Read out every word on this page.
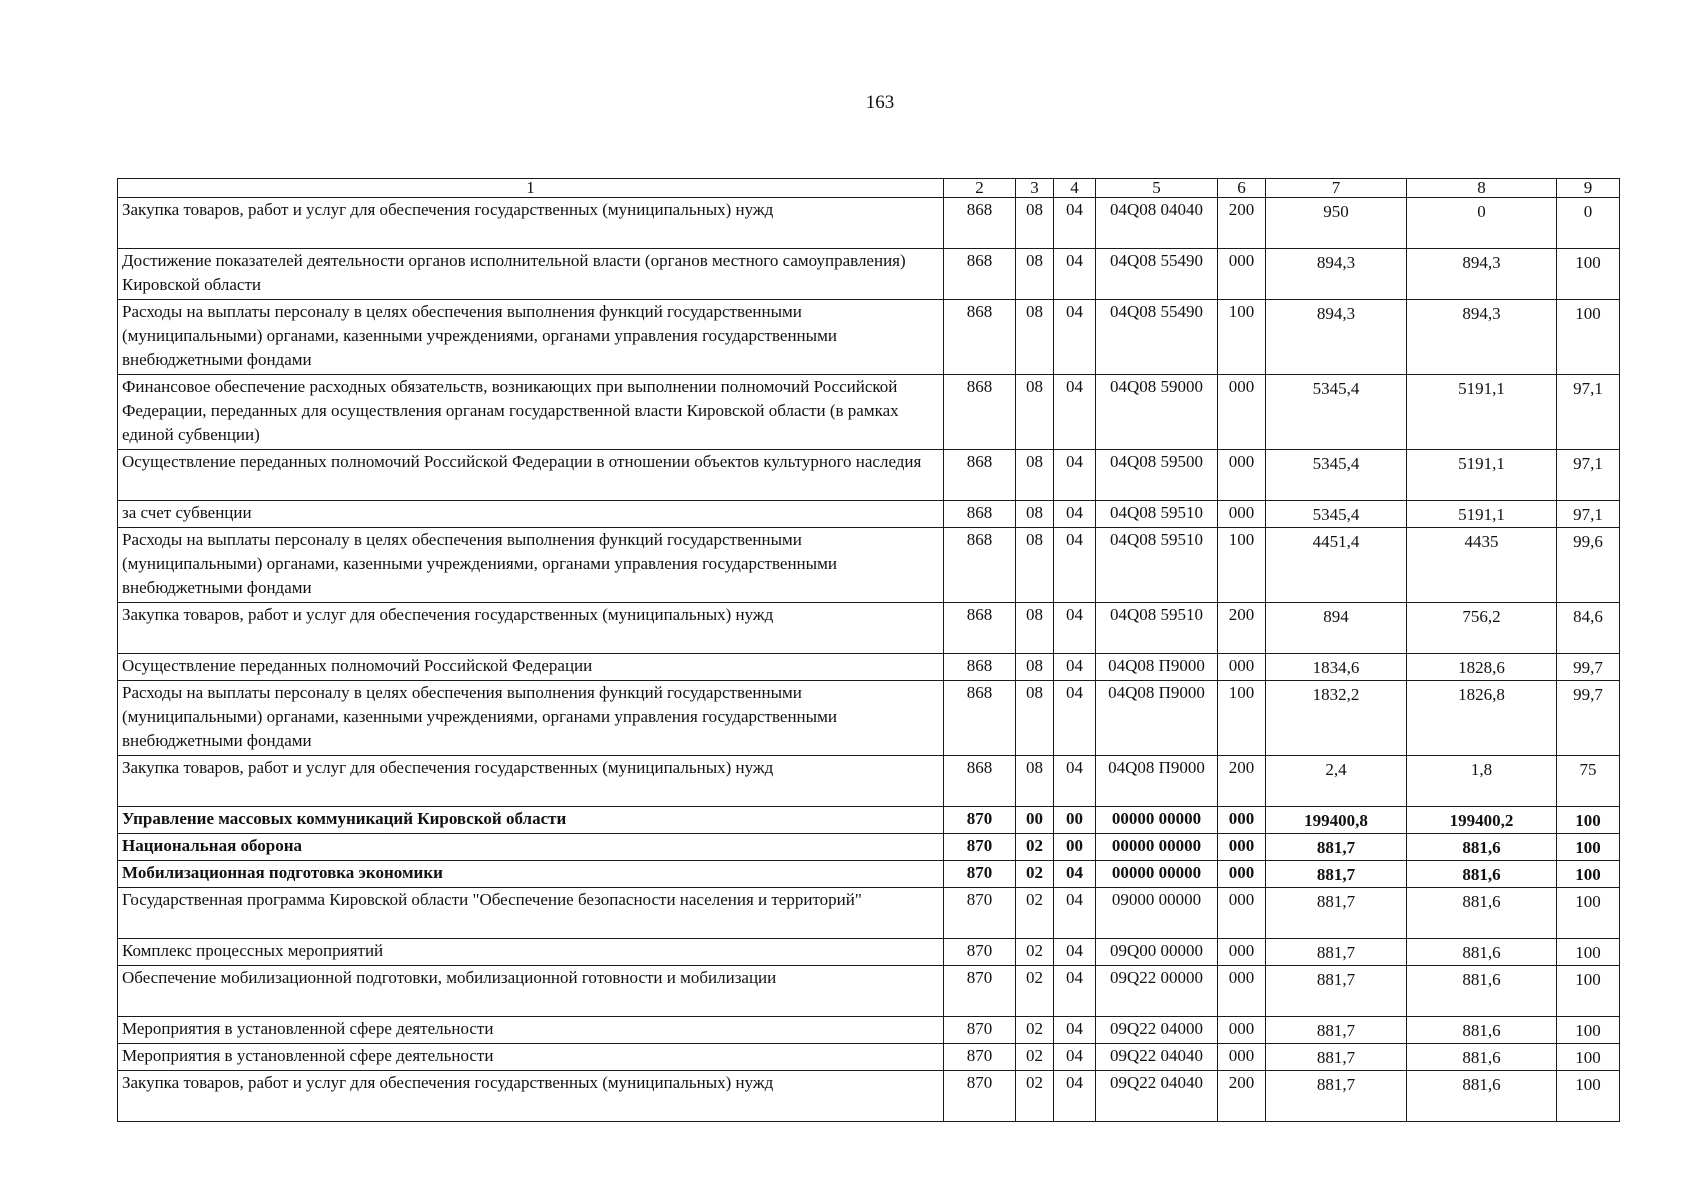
163
1	2	3	4	5	6	7	8	9
Закупка товаров, работ и услуг для обеспечения государственных (муниципальных) нужд	868	08	04	04Q08 04040	200	950	0	0
Достижение показателей деятельности органов исполнительной власти (органов местного самоуправления) Кировской области	868	08	04	04Q08 55490	000	894,3	894,3	100
Расходы на выплаты персоналу в целях обеспечения выполнения функций государственными (муниципальными) органами, казенными учреждениями, органами управления государственными внебюджетными фондами	868	08	04	04Q08 55490	100	894,3	894,3	100
Финансовое обеспечение расходных обязательств, возникающих при выполнении полномочий Российской Федерации, переданных для осуществления органам государственной власти Кировской области (в рамках единой субвенции)	868	08	04	04Q08 59000	000	5345,4	5191,1	97,1
Осуществление переданных полномочий Российской Федерации в отношении объектов культурного наследия	868	08	04	04Q08 59500	000	5345,4	5191,1	97,1
за счет субвенции	868	08	04	04Q08 59510	000	5345,4	5191,1	97,1
Расходы на выплаты персоналу в целях обеспечения выполнения функций государственными (муниципальными) органами, казенными учреждениями, органами управления государственными внебюджетными фондами	868	08	04	04Q08 59510	100	4451,4	4435	99,6
Закупка товаров, работ и услуг для обеспечения государственных (муниципальных) нужд	868	08	04	04Q08 59510	200	894	756,2	84,6
Осуществление переданных полномочий Российской Федерации	868	08	04	04Q08 П9000	000	1834,6	1828,6	99,7
Расходы на выплаты персоналу в целях обеспечения выполнения функций государственными (муниципальными) органами, казенными учреждениями, органами управления государственными внебюджетными фондами	868	08	04	04Q08 П9000	100	1832,2	1826,8	99,7
Закупка товаров, работ и услуг для обеспечения государственных (муниципальных) нужд	868	08	04	04Q08 П9000	200	2,4	1,8	75
Управление массовых коммуникаций Кировской области	870	00	00	00000 00000	000	199400,8	199400,2	100
Национальная оборона	870	02	00	00000 00000	000	881,7	881,6	100
Мобилизационная подготовка экономики	870	02	04	00000 00000	000	881,7	881,6	100
Государственная программа Кировской области "Обеспечение безопасности населения и территорий"	870	02	04	09000 00000	000	881,7	881,6	100
Комплекс процессных мероприятий	870	02	04	09Q00 00000	000	881,7	881,6	100
Обеспечение мобилизационной подготовки, мобилизационной готовности и мобилизации	870	02	04	09Q22 00000	000	881,7	881,6	100
Мероприятия в установленной сфере деятельности	870	02	04	09Q22 04000	000	881,7	881,6	100
Мероприятия в установленной сфере деятельности	870	02	04	09Q22 04040	000	881,7	881,6	100
Закупка товаров, работ и услуг для обеспечения государственных (муниципальных) нужд	870	02	04	09Q22 04040	200	881,7	881,6	100
